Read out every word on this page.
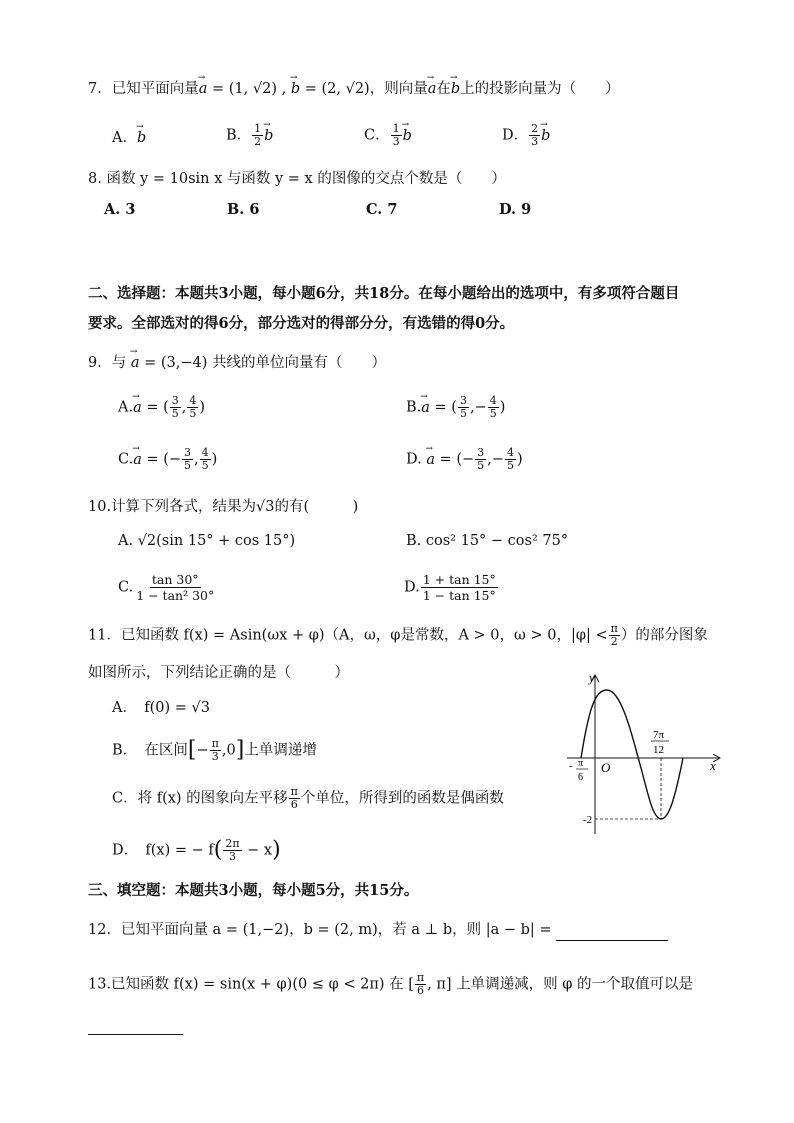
7．已知平面向量→ a = (1, √2) , → b = (2, √2)，则向量→ a在→ b上的投影向量为（　　）
A．→ b	B． $\frac{1}{2}$
→ b	C． $\frac{1}{3}$
→ b	D． $\frac{2}{3}$
→ b
8. 函数 y = 10sin x 与函数 y = x 的图像的交点个数是（　　）
A. 3	B. 6	C. 7	D. 9
二、选择题：本题共3小题，每小题6分，共18分。在每小题给出的选项中，有多项符合题目
要求。全部选对的得6分，部分选对的得部分分，有选错的得0分。
9．与 → a = (3,−4) 共线的单位向量有（　　）
A.→ a = ( $\frac{3}{5}$ , $\frac{4}{5}$ )	B.→ a = ( $\frac{3}{5}$ ,− $\frac{4}{5}$ )
C.→ a = (− $\frac{3}{5}$ , $\frac{4}{5}$ )	D. → a = (− $\frac{3}{5}$ ,− $\frac{4}{5}$ )
10.计算下列各式，结果为√3的有(　　　)
A. √2(sin 15° + cos 15°)	B. cos² 15° − cos² 75°
C. $\frac{\tan 30^\circ}{\text{1 − tan² 30°}}$	D. $\frac{1 + \tan 15^\circ}{1 - \tan 15^\circ}$
11．已知函数 f(x) = Asin(ωx + φ)（A，ω，φ是常数，A > 0，ω > 0，$|\varphi| < \frac{\pi}{2}$ ）的部分图象
如图所示，下列结论正确的是（　　　）
A．　f(0) = √3
B．　在区间[− $\frac{\pi}{3} ,0$]上单调递增
C．将 f(x) 的图象向左平移 $\frac{\pi}{6}$ 个单位，所得到的函数是偶函数
D．　f(x) = − $f( \frac{2\pi}{3} - x)$
y
x
O
- π
6
7π
12
-2
三、填空题：本题共3小题，每小题5分，共15分。
12．已知平面向量 a = (1,−2)，b = (2, m)，若 a ⊥ b，则 |a − b| =
13.已知函数 f(x) = sin(x + φ)(0 ≤ φ < 2π) 在 [ $\frac{\pi}{6}$ , π] 上单调递减，则 φ 的一个取值可以是
